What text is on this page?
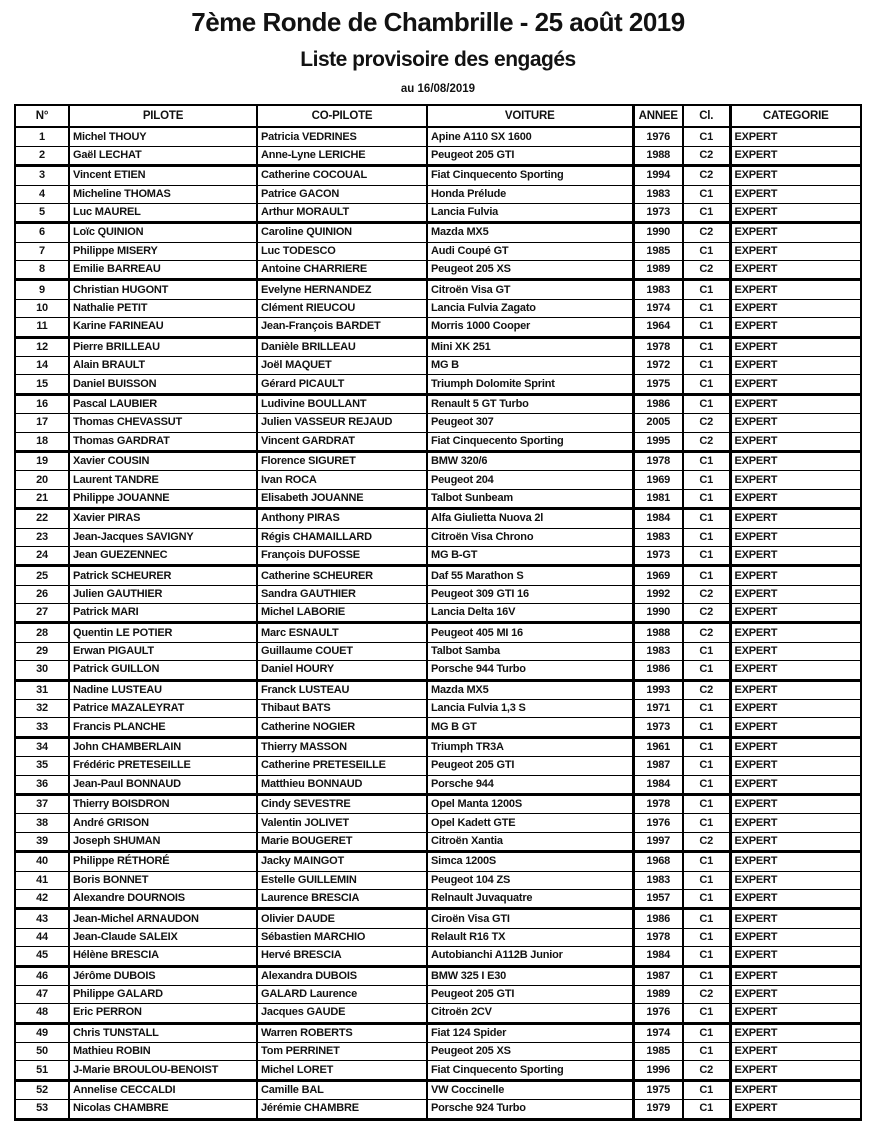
7ème Ronde de Chambrille - 25 août 2019
Liste provisoire des engagés
au 16/08/2019
N°	PILOTE	CO-PILOTE	VOITURE	ANNEE	Cl.	CATEGORIE
1	Michel THOUY	Patricia VEDRINES	Apine A110 SX 1600	1976	C1	EXPERT
2	Gaël LECHAT	Anne-Lyne LERICHE	Peugeot 205 GTI	1988	C2	EXPERT
3	Vincent ETIEN	Catherine COCOUAL	Fiat Cinquecento Sporting	1994	C2	EXPERT
4	Micheline THOMAS	Patrice GACON	Honda Prélude	1983	C1	EXPERT
5	Luc MAUREL	Arthur MORAULT	Lancia Fulvia	1973	C1	EXPERT
6	Loïc QUINION	Caroline QUINION	Mazda MX5	1990	C2	EXPERT
7	Philippe MISERY	Luc TODESCO	Audi Coupé GT	1985	C1	EXPERT
8	Emilie BARREAU	Antoine CHARRIERE	Peugeot 205 XS	1989	C2	EXPERT
9	Christian HUGONT	Evelyne HERNANDEZ	Citroën Visa GT	1983	C1	EXPERT
10	Nathalie PETIT	Clément RIEUCOU	Lancia Fulvia Zagato	1974	C1	EXPERT
11	Karine FARINEAU	Jean-François BARDET	Morris 1000 Cooper	1964	C1	EXPERT
12	Pierre BRILLEAU	Danièle BRILLEAU	Mini XK 251	1978	C1	EXPERT
14	Alain BRAULT	Joël MAQUET	MG B	1972	C1	EXPERT
15	Daniel BUISSON	Gérard PICAULT	Triumph Dolomite Sprint	1975	C1	EXPERT
16	Pascal LAUBIER	Ludivine BOULLANT	Renault 5 GT Turbo	1986	C1	EXPERT
17	Thomas CHEVASSUT	Julien VASSEUR REJAUD	Peugeot 307	2005	C2	EXPERT
18	Thomas GARDRAT	Vincent GARDRAT	Fiat Cinquecento Sporting	1995	C2	EXPERT
19	Xavier COUSIN	Florence SIGURET	BMW 320/6	1978	C1	EXPERT
20	Laurent TANDRE	Ivan ROCA	Peugeot 204	1969	C1	EXPERT
21	Philippe JOUANNE	Elisabeth JOUANNE	Talbot Sunbeam	1981	C1	EXPERT
22	Xavier PIRAS	Anthony PIRAS	Alfa Giulietta Nuova 2l	1984	C1	EXPERT
23	Jean-Jacques SAVIGNY	Régis CHAMAILLARD	Citroën Visa Chrono	1983	C1	EXPERT
24	Jean GUEZENNEC	François DUFOSSE	MG B-GT	1973	C1	EXPERT
25	Patrick SCHEURER	Catherine SCHEURER	Daf 55 Marathon S	1969	C1	EXPERT
26	Julien GAUTHIER	Sandra GAUTHIER	Peugeot 309 GTI 16	1992	C2	EXPERT
27	Patrick MARI	Michel LABORIE	Lancia Delta 16V	1990	C2	EXPERT
28	Quentin LE POTIER	Marc ESNAULT	Peugeot 405 MI 16	1988	C2	EXPERT
29	Erwan PIGAULT	Guillaume COUET	Talbot Samba	1983	C1	EXPERT
30	Patrick GUILLON	Daniel HOURY	Porsche 944 Turbo	1986	C1	EXPERT
31	Nadine LUSTEAU	Franck LUSTEAU	Mazda MX5	1993	C2	EXPERT
32	Patrice MAZALEYRAT	Thibaut BATS	Lancia Fulvia 1,3 S	1971	C1	EXPERT
33	Francis PLANCHE	Catherine NOGIER	MG B GT	1973	C1	EXPERT
34	John CHAMBERLAIN	Thierry MASSON	Triumph TR3A	1961	C1	EXPERT
35	Frédéric PRETESEILLE	Catherine PRETESEILLE	Peugeot 205 GTI	1987	C1	EXPERT
36	Jean-Paul BONNAUD	Matthieu BONNAUD	Porsche 944	1984	C1	EXPERT
37	Thierry BOISDRON	Cindy SEVESTRE	Opel Manta 1200S	1978	C1	EXPERT
38	André GRISON	Valentin JOLIVET	Opel Kadett GTE	1976	C1	EXPERT
39	Joseph SHUMAN	Marie BOUGERET	Citroën Xantia	1997	C2	EXPERT
40	Philippe RÉTHORÉ	Jacky MAINGOT	Simca 1200S	1968	C1	EXPERT
41	Boris BONNET	Estelle GUILLEMIN	Peugeot 104 ZS	1983	C1	EXPERT
42	Alexandre DOURNOIS	Laurence BRESCIA	Relnault Juvaquatre	1957	C1	EXPERT
43	Jean-Michel ARNAUDON	Olivier DAUDE	Ciroën Visa GTI	1986	C1	EXPERT
44	Jean-Claude SALEIX	Sébastien MARCHIO	Relault R16 TX	1978	C1	EXPERT
45	Hélène BRESCIA	Hervé BRESCIA	Autobianchi A112B Junior	1984	C1	EXPERT
46	Jérôme DUBOIS	Alexandra DUBOIS	BMW 325 I E30	1987	C1	EXPERT
47	Philippe GALARD	GALARD Laurence	Peugeot 205 GTI	1989	C2	EXPERT
48	Eric PERRON	Jacques GAUDE	Citroën 2CV	1976	C1	EXPERT
49	Chris TUNSTALL	Warren ROBERTS	Fiat 124 Spider	1974	C1	EXPERT
50	Mathieu ROBIN	Tom PERRINET	Peugeot 205 XS	1985	C1	EXPERT
51	J-Marie BROULOU-BENOIST	Michel LORET	Fiat Cinquecento Sporting	1996	C2	EXPERT
52	Annelise CECCALDI	Camille BAL	VW Coccinelle	1975	C1	EXPERT
53	Nicolas CHAMBRE	Jérémie CHAMBRE	Porsche 924 Turbo	1979	C1	EXPERT
